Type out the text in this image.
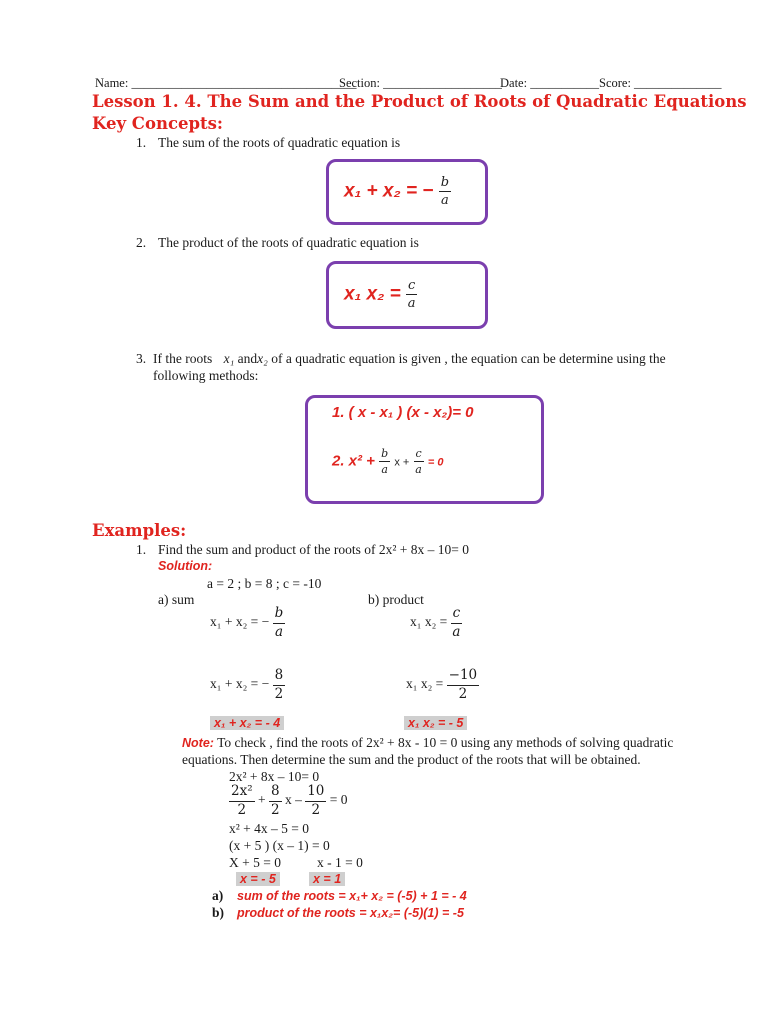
Name: ____________________________________
Section: ___________________
Date: ___________ Score: ______________
Lesson 1. 4. The Sum and the Product of Roots of Quadratic Equations
Key Concepts:
1. The sum of the roots of quadratic equation is
x₁ + x₂ = − $\frac{b}{a}$
2. The product of the roots of quadratic equation is
x₁ $x_2 = \frac{c}{a}$
3. If the roots x₁ andx₂ of a quadratic equation is given , the equation can be determine using the
following methods:
1. ( x - x₁ ) (x - x₂)= 0
2. $x^2 + \frac{b}{a}$ $x + \frac{c}{a} = 0$
Examples:
1. Find the sum and product of the roots of 2x² + 8x – 10= 0
Solution:
a = 2 ; b = 8 ; c = -10
a) sum	b) product
x₁ + x₂ = − $\frac{b}{a}$	x₁ $x_2 = \frac{c}{a}$
x₁ + x₂ = − $\frac{8}{2}$	x₁ $x_2 = \frac{-10}{2}$
x₁ + x₂ = - 4	x₁ x₂ = - 5
Note: To check , find the roots of 2x² + 8x - 10 = 0 using any methods of solving quadratic
equations. Then determine the sum and the product of the roots that will be obtained.
2x² + 8x – 10= 0
$\frac{\text{2x²}}{2} + \frac{8}{2}$ $x - \frac{10}{2} = 0$
x² + 4x – 5 = 0
(x + 5 ) (x – 1) = 0
X + 5 = 0	x - 1 = 0
x = - 5	x = 1
a) sum of the roots = x₁+ x₂ = (-5) + 1 = - 4
b) product of the roots = x₁x₂= (-5)(1) = -5
